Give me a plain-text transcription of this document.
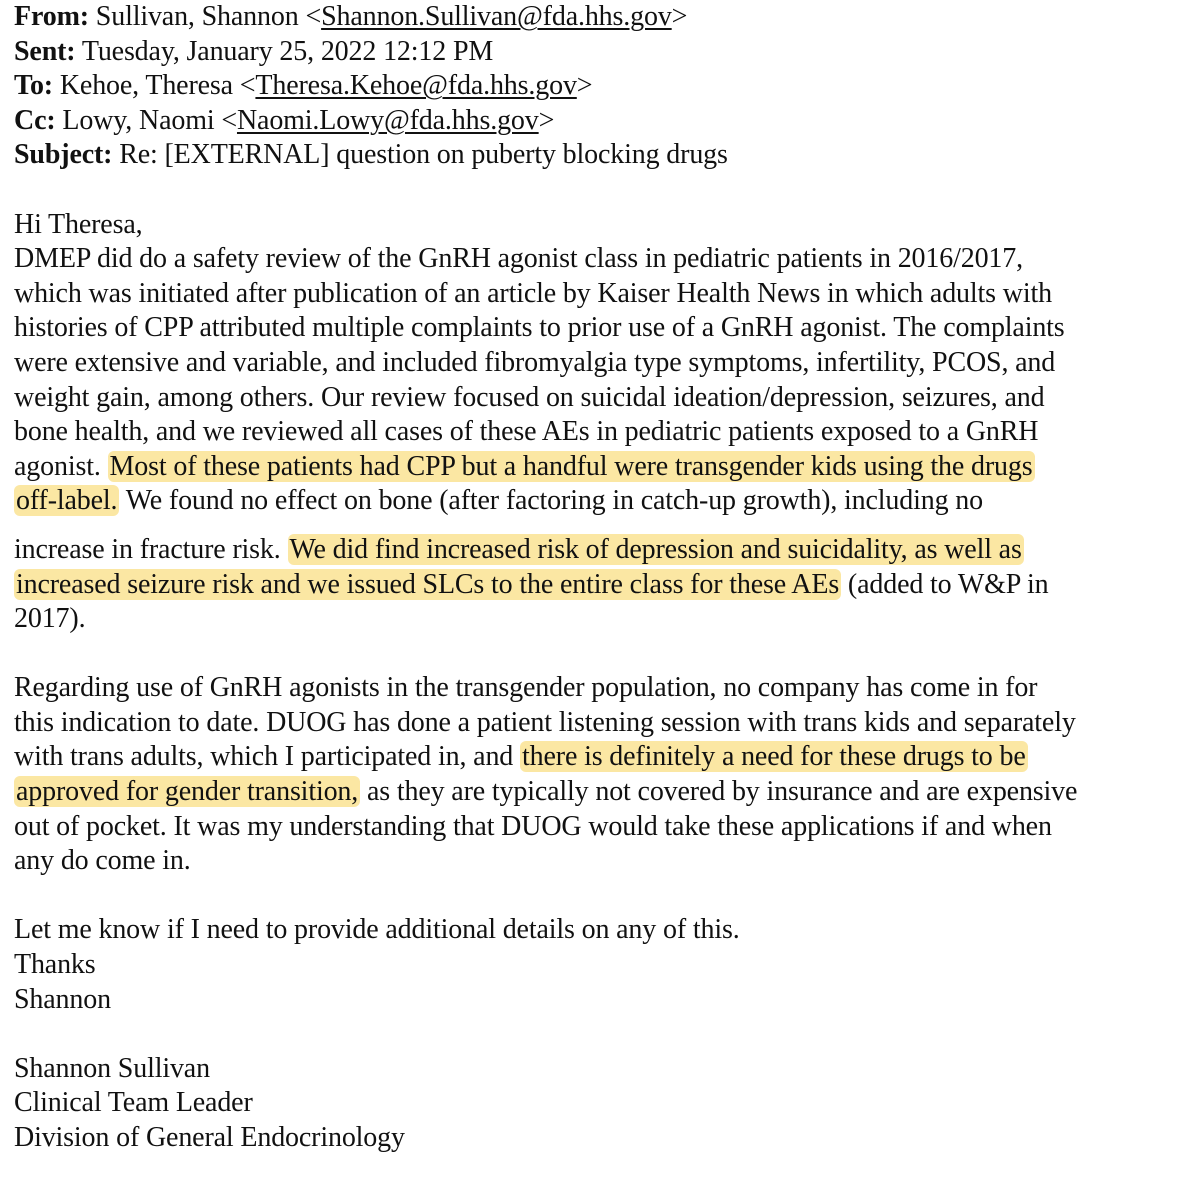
From: Sullivan, Shannon <Shannon.Sullivan@fda.hhs.gov>
Sent: Tuesday, January 25, 2022 12:12 PM
To: Kehoe, Theresa <Theresa.Kehoe@fda.hhs.gov>
Cc: Lowy, Naomi <Naomi.Lowy@fda.hhs.gov>
Subject: Re: [EXTERNAL] question on puberty blocking drugs
Hi Theresa,
DMEP did do a safety review of the GnRH agonist class in pediatric patients in 2016/2017,
which was initiated after publication of an article by Kaiser Health News in which adults with
histories of CPP attributed multiple complaints to prior use of a GnRH agonist. The complaints
were extensive and variable, and included fibromyalgia type symptoms, infertility, PCOS, and
weight gain, among others. Our review focused on suicidal ideation/depression, seizures, and
bone health, and we reviewed all cases of these AEs in pediatric patients exposed to a GnRH
agonist. Most of these patients had CPP but a handful were transgender kids using the drugs
off-label. We found no effect on bone (after factoring in catch-up growth), including no
increase in fracture risk. We did find increased risk of depression and suicidality, as well as
increased seizure risk and we issued SLCs to the entire class for these AEs (added to W&P in
2017).
Regarding use of GnRH agonists in the transgender population, no company has come in for
this indication to date. DUOG has done a patient listening session with trans kids and separately
with trans adults, which I participated in, and there is definitely a need for these drugs to be
approved for gender transition, as they are typically not covered by insurance and are expensive
out of pocket. It was my understanding that DUOG would take these applications if and when
any do come in.
Let me know if I need to provide additional details on any of this.
Thanks
Shannon
Shannon Sullivan
Clinical Team Leader
Division of General Endocrinology
